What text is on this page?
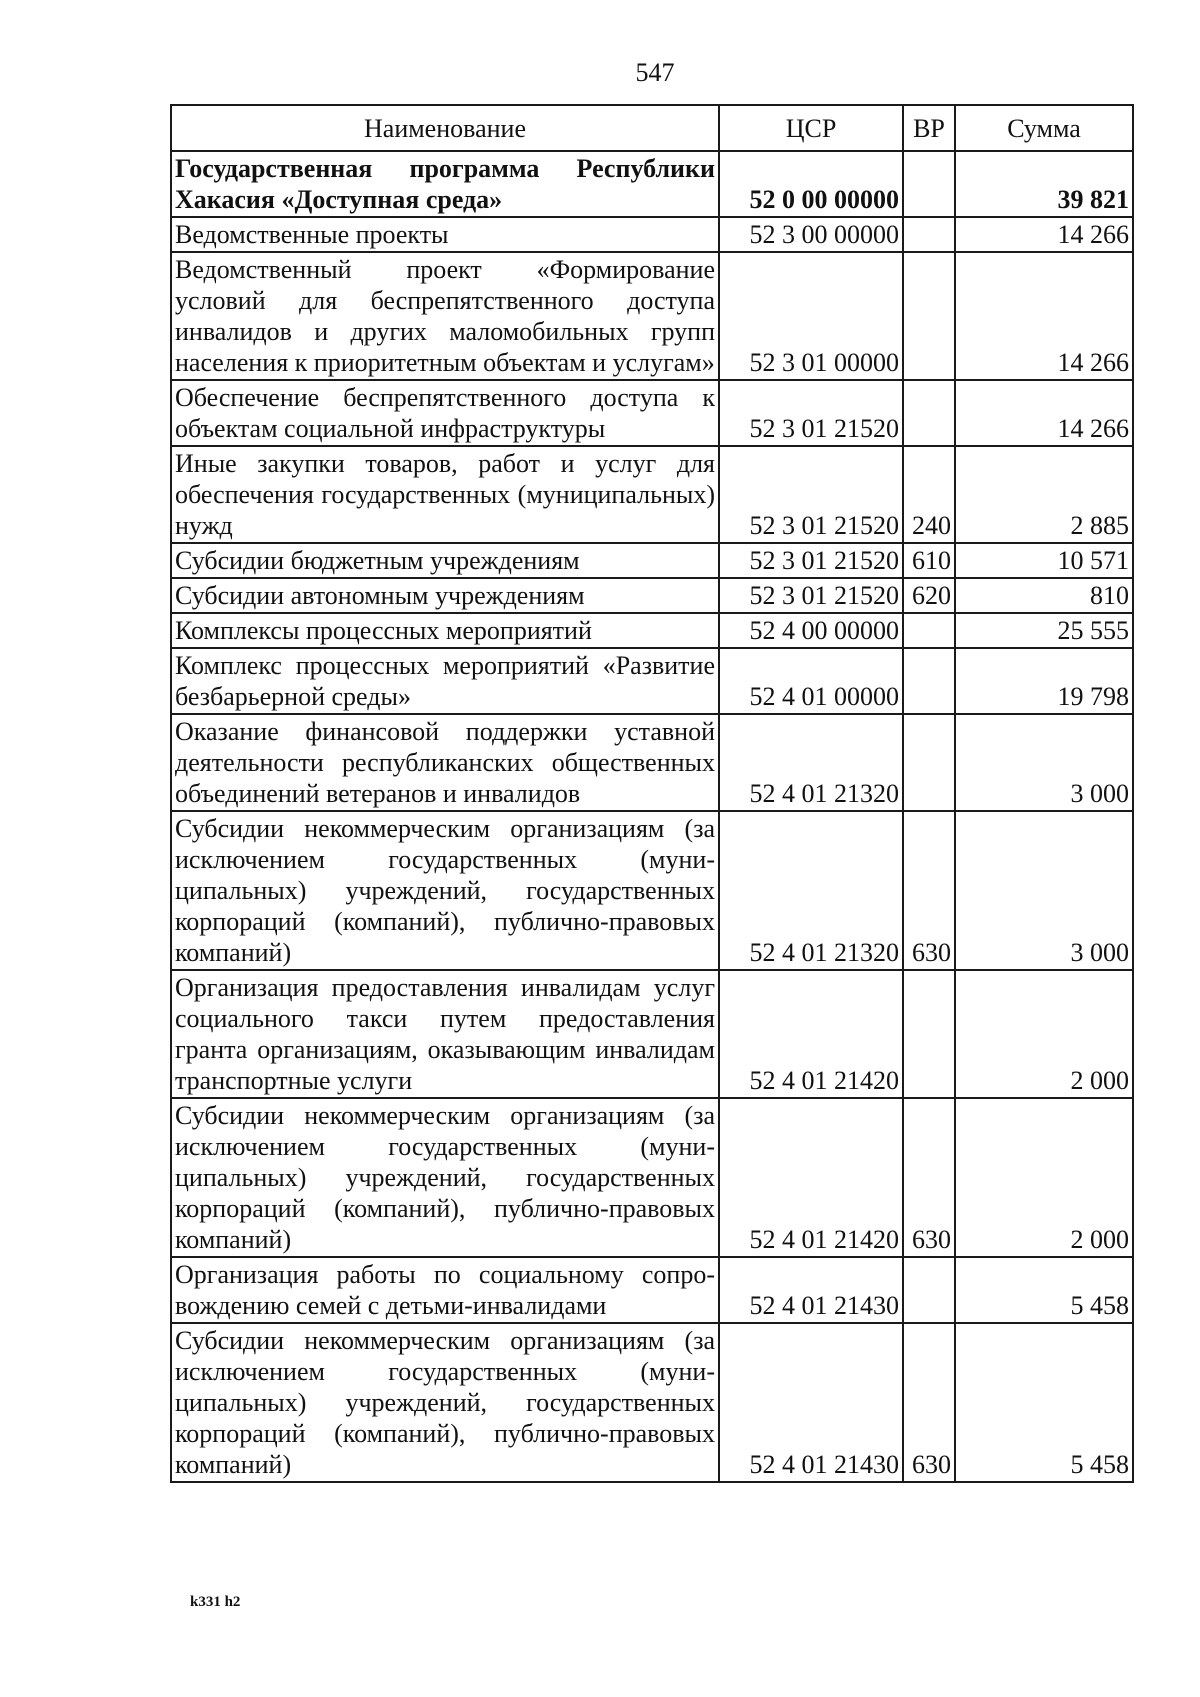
547
Наименование	ЦСР	ВР	Сумма
Государственная программа Республики Хакасия «Доступная среда»	52 0 00 00000		39 821
Ведомственные проекты	52 3 00 00000		14 266
Ведомственный проект «Формирование условий для беспрепятственного доступа инвалидов и других маломобильных групп населения к приоритетным объектам и услугам»	52 3 01 00000		14 266
Обеспечение беспрепятственного доступа к объектам социальной инфраструктуры	52 3 01 21520		14 266
Иные закупки товаров, работ и услуг для обеспечения государственных (муниципальных) нужд	52 3 01 21520	240	2 885
Субсидии бюджетным учреждениям	52 3 01 21520	610	10 571
Субсидии автономным учреждениям	52 3 01 21520	620	810
Комплексы процессных мероприятий	52 4 00 00000		25 555
Комплекс процессных мероприятий «Развитие безбарьерной среды»	52 4 01 00000		19 798
Оказание финансовой поддержки уставной деятельности республиканских общественных объединений ветеранов и инвалидов	52 4 01 21320		3 000
Субсидии некоммерческим организациям (за исключением государственных (муниципальных) учреждений, государственных корпораций (компаний), публично-правовых компаний)	52 4 01 21320	630	3 000
Организация предоставления инвалидам услуг социального такси путем предоставления гранта организациям, оказывающим инвалидам транспортные услуги	52 4 01 21420		2 000
Субсидии некоммерческим организациям (за исключением государственных (муниципальных) учреждений, государственных корпораций (компаний), публично-правовых компаний)	52 4 01 21420	630	2 000
Организация работы по социальному сопровождению семей с детьми-инвалидами	52 4 01 21430		5 458
Субсидии некоммерческим организациям (за исключением государственных (муниципальных) учреждений, государственных корпораций (компаний), публично-правовых компаний)	52 4 01 21430	630	5 458
k331 h2
